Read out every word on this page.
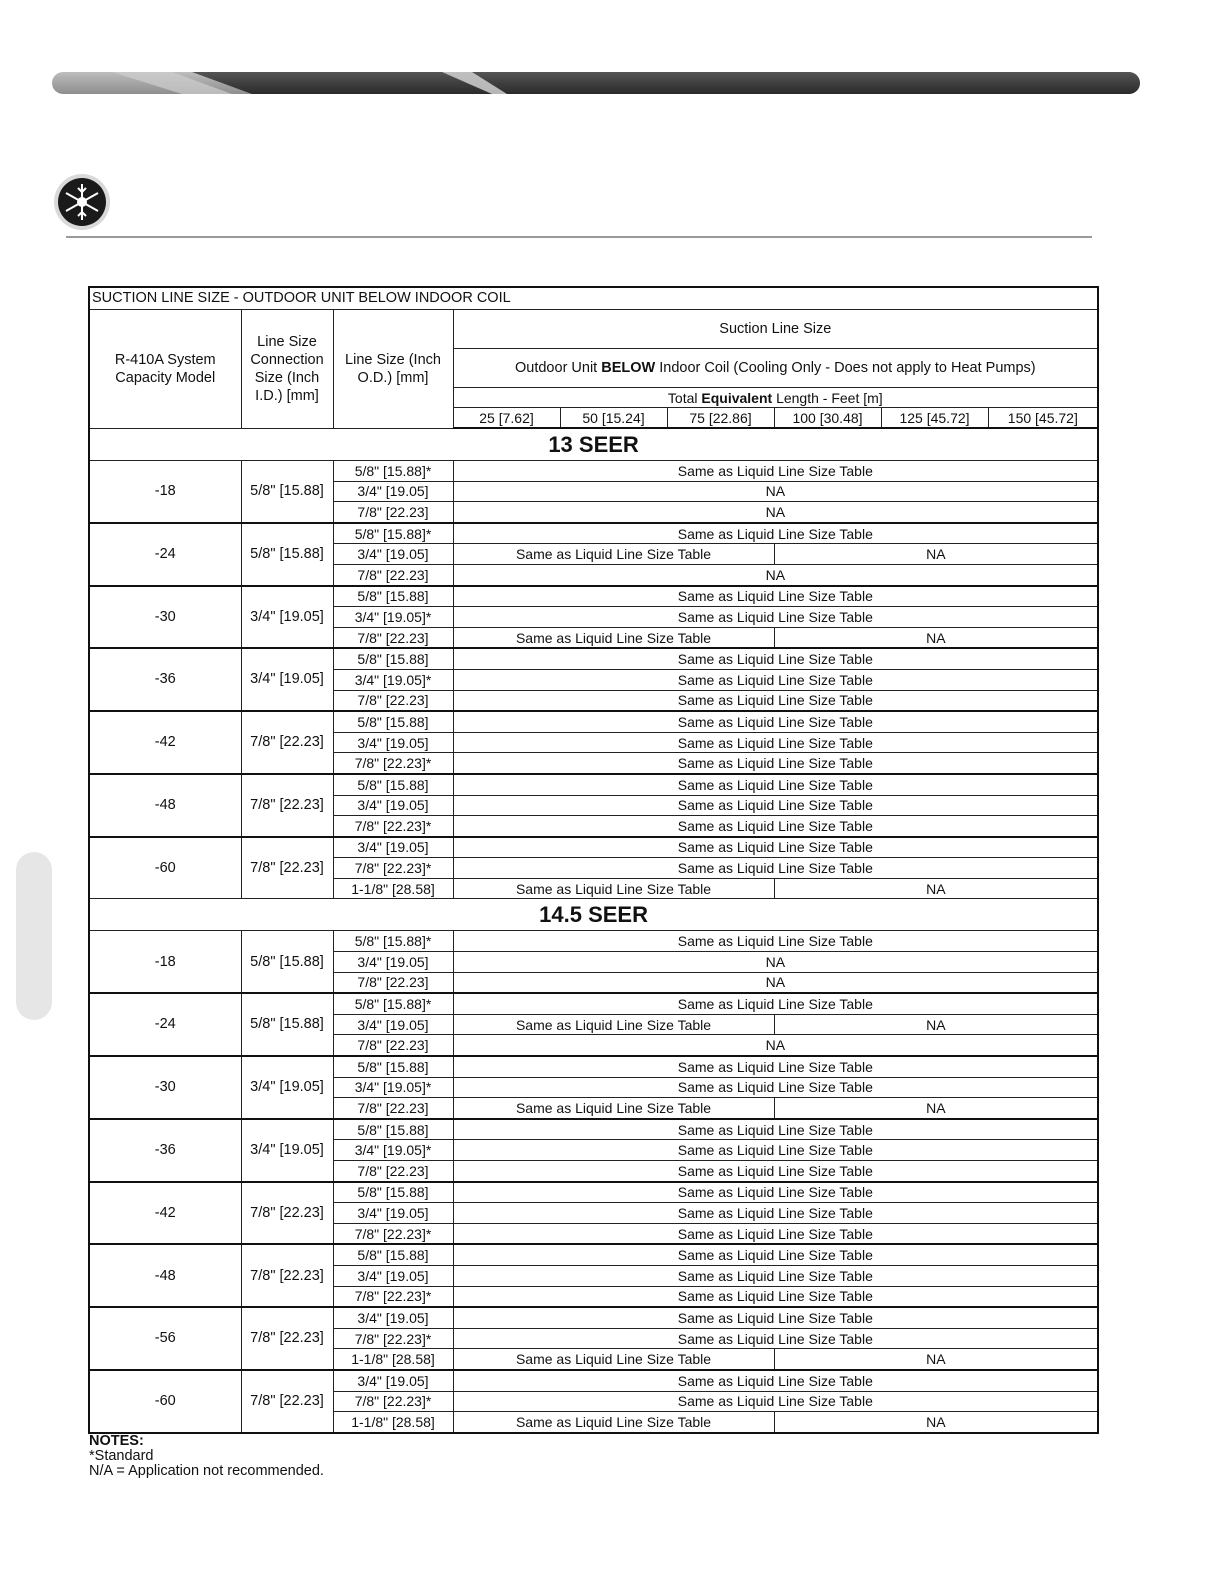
SUCTION LINE SIZE - OUTDOOR UNIT BELOW INDOOR COIL								
R-410A System Capacity Model	Line Size Connection Size (Inch I.D.) [mm]	Line Size (Inch O.D.) [mm]	Suction Line Size					
			Outdoor Unit BELOW Indoor Coil (Cooling Only - Does not apply to Heat Pumps)					
			Total Equivalent Length - Feet [m]					
			25 [7.62]	50 [15.24]	75 [22.86]	100 [30.48]	125 [45.72]	150 [45.72]
13 SEER								
-18	5/8" [15.88]	5/8" [15.88]*	Same as Liquid Line Size Table					
		3/4" [19.05]	NA					
		7/8" [22.23]	NA					
-24	5/8" [15.88]	5/8" [15.88]*	Same as Liquid Line Size Table					
		3/4" [19.05]	Same as Liquid Line Size Table			NA		
		7/8" [22.23]	NA					
-30	3/4" [19.05]	5/8" [15.88]	Same as Liquid Line Size Table					
		3/4" [19.05]*	Same as Liquid Line Size Table					
		7/8" [22.23]	Same as Liquid Line Size Table			NA		
-36	3/4" [19.05]	5/8" [15.88]	Same as Liquid Line Size Table					
		3/4" [19.05]*	Same as Liquid Line Size Table					
		7/8" [22.23]	Same as Liquid Line Size Table					
-42	7/8" [22.23]	5/8" [15.88]	Same as Liquid Line Size Table					
		3/4" [19.05]	Same as Liquid Line Size Table					
		7/8" [22.23]*	Same as Liquid Line Size Table					
-48	7/8" [22.23]	5/8" [15.88]	Same as Liquid Line Size Table					
		3/4" [19.05]	Same as Liquid Line Size Table					
		7/8" [22.23]*	Same as Liquid Line Size Table					
-60	7/8" [22.23]	3/4" [19.05]	Same as Liquid Line Size Table					
		7/8" [22.23]*	Same as Liquid Line Size Table					
		1-1/8" [28.58]	Same as Liquid Line Size Table			NA		
14.5 SEER								
-18	5/8" [15.88]	5/8" [15.88]*	Same as Liquid Line Size Table					
		3/4" [19.05]	NA					
		7/8" [22.23]	NA					
-24	5/8" [15.88]	5/8" [15.88]*	Same as Liquid Line Size Table					
		3/4" [19.05]	Same as Liquid Line Size Table			NA		
		7/8" [22.23]	NA					
-30	3/4" [19.05]	5/8" [15.88]	Same as Liquid Line Size Table					
		3/4" [19.05]*	Same as Liquid Line Size Table					
		7/8" [22.23]	Same as Liquid Line Size Table			NA		
-36	3/4" [19.05]	5/8" [15.88]	Same as Liquid Line Size Table					
		3/4" [19.05]*	Same as Liquid Line Size Table					
		7/8" [22.23]	Same as Liquid Line Size Table					
-42	7/8" [22.23]	5/8" [15.88]	Same as Liquid Line Size Table					
		3/4" [19.05]	Same as Liquid Line Size Table					
		7/8" [22.23]*	Same as Liquid Line Size Table					
-48	7/8" [22.23]	5/8" [15.88]	Same as Liquid Line Size Table					
		3/4" [19.05]	Same as Liquid Line Size Table					
		7/8" [22.23]*	Same as Liquid Line Size Table					
-56	7/8" [22.23]	3/4" [19.05]	Same as Liquid Line Size Table					
		7/8" [22.23]*	Same as Liquid Line Size Table					
		1-1/8" [28.58]	Same as Liquid Line Size Table			NA		
-60	7/8" [22.23]	3/4" [19.05]	Same as Liquid Line Size Table					
		7/8" [22.23]*	Same as Liquid Line Size Table					
		1-1/8" [28.58]	Same as Liquid Line Size Table			NA		
NOTES:
*Standard
N/A = Application not recommended.
